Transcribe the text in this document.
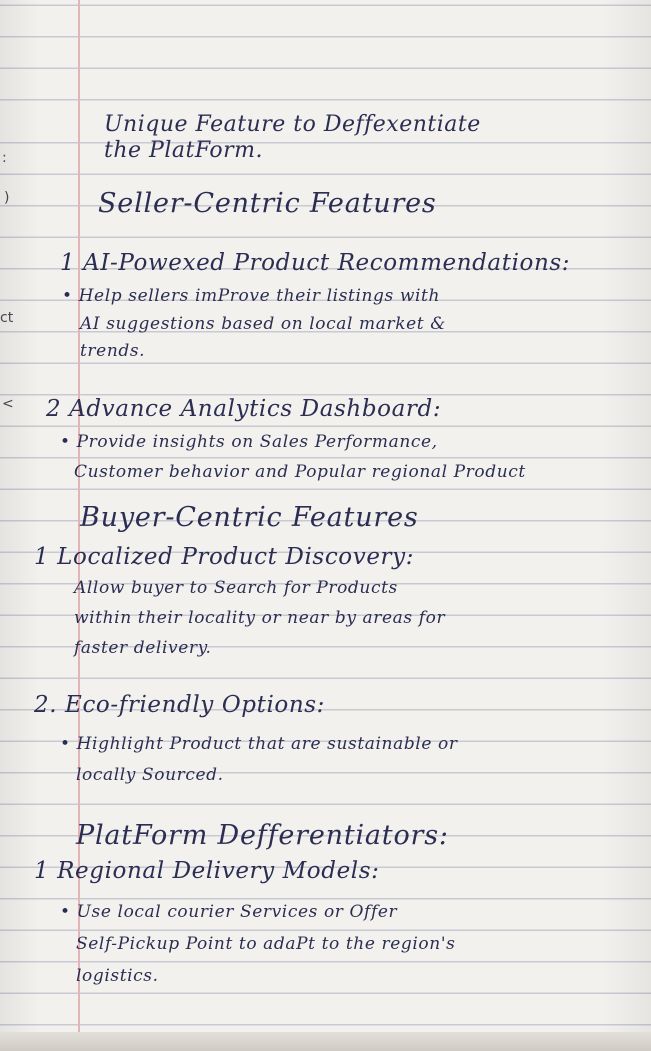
:
)
ct
<
Unique Feature to Deffexentiate
the PlatForm.
Seller-Centric Features
1 AI-Powexed Product Recommendations:
• Help sellers imProve their listings with
AI suggestions based on local market &
trends.
2 Advance Analytics Dashboard:
• Provide insights on Sales Performance,
Customer behavior and Popular regional Product
Buyer-Centric Features
1 Localized Product Discovery:
Allow buyer to Search for Products
within their locality or near by areas for
faster delivery.
2. Eco-friendly Options:
• Highlight Product that are sustainable or
locally Sourced.
PlatForm Defferentiators:
1 Regional Delivery Models:
• Use local courier Services or Offer
Self-Pickup Point to adaPt to the region's
logistics.
